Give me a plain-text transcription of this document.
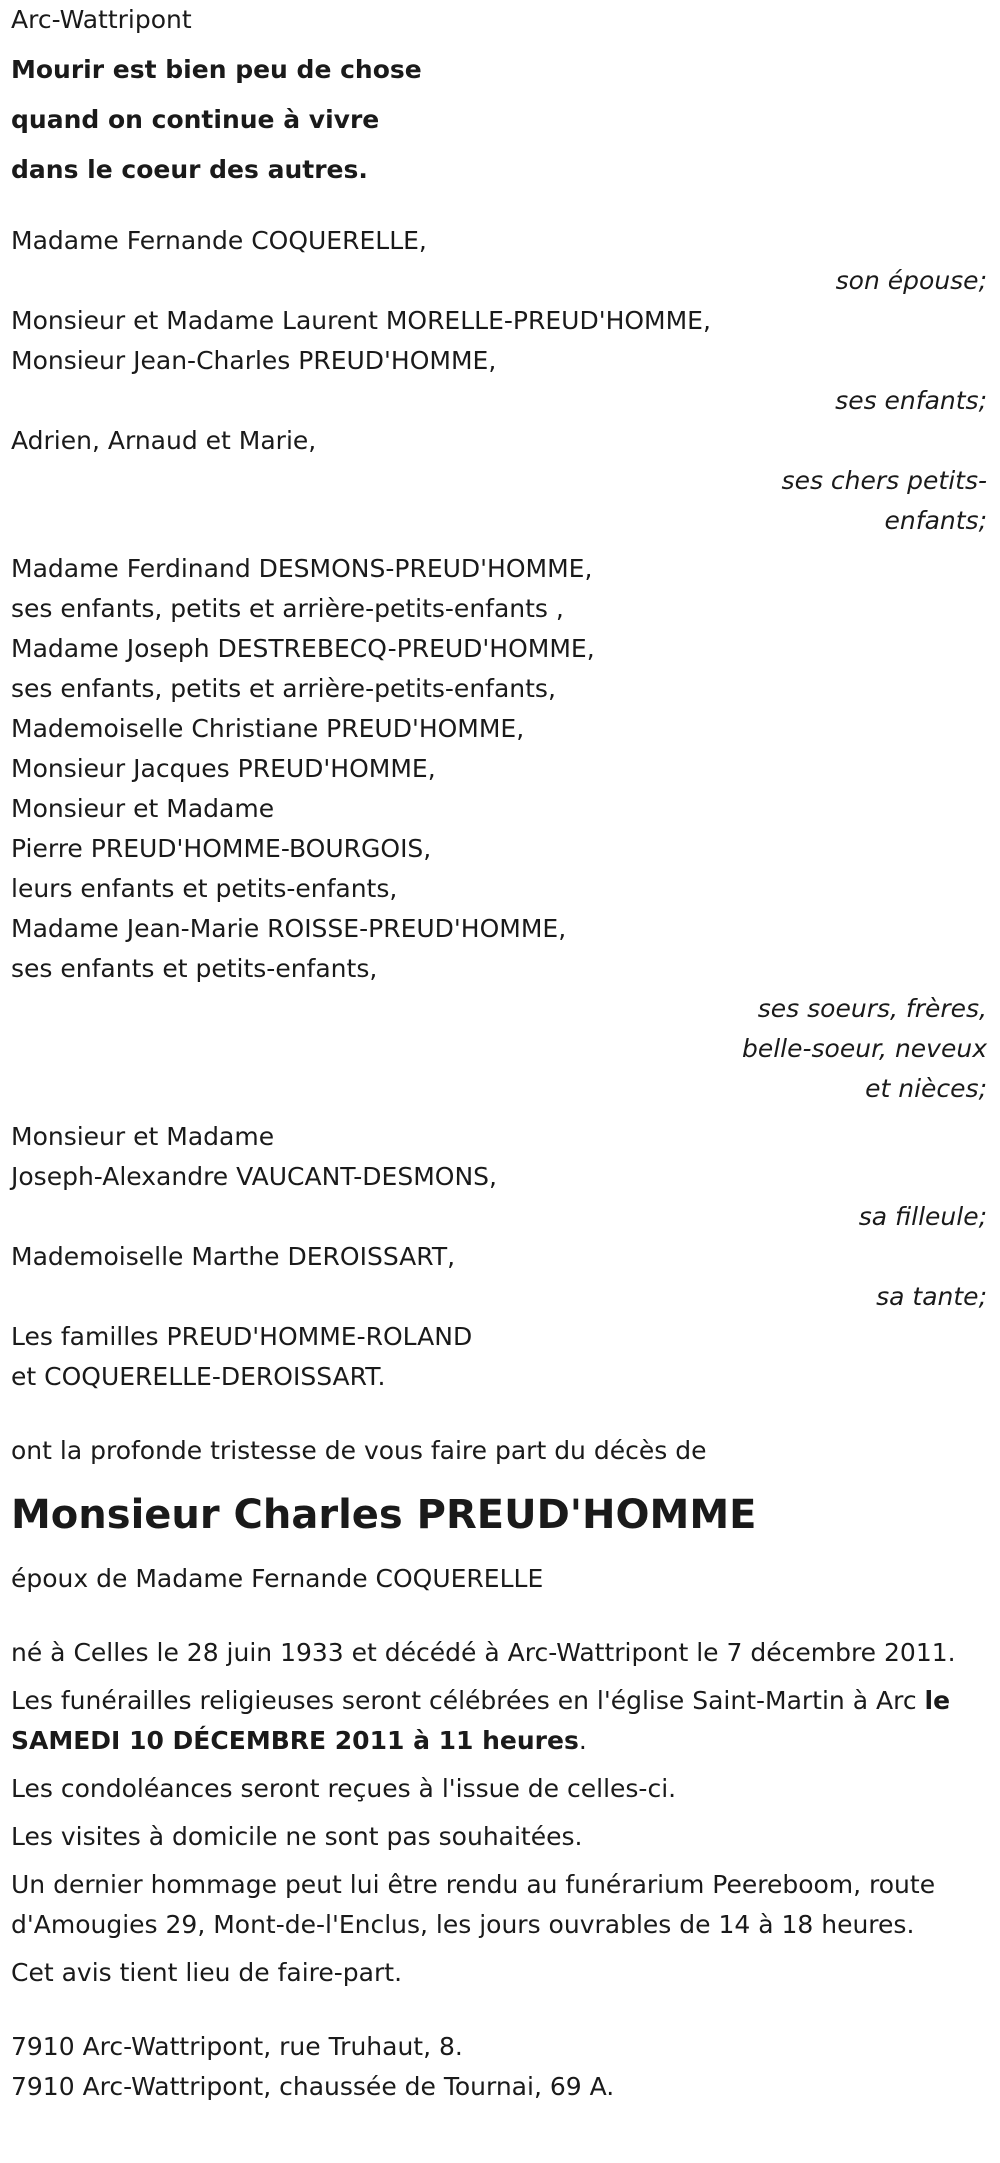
Arc-Wattripont
Mourir est bien peu de chose
quand on continue à vivre
dans le coeur des autres.
Madame Fernande COQUERELLE,
son épouse;
Monsieur et Madame Laurent MORELLE-PREUD'HOMME,
Monsieur Jean-Charles PREUD'HOMME,
ses enfants;
Adrien, Arnaud et Marie,
ses chers petits-
enfants;
Madame Ferdinand DESMONS-PREUD'HOMME,
ses enfants, petits et arrière-petits-enfants ,
Madame Joseph DESTREBECQ-PREUD'HOMME,
ses enfants, petits et arrière-petits-enfants,
Mademoiselle Christiane PREUD'HOMME,
Monsieur Jacques PREUD'HOMME,
Monsieur et Madame
Pierre PREUD'HOMME-BOURGOIS,
leurs enfants et petits-enfants,
Madame Jean-Marie ROISSE-PREUD'HOMME,
ses enfants et petits-enfants,
ses soeurs, frères,
belle-soeur, neveux
et nièces;
Monsieur et Madame
Joseph-Alexandre VAUCANT-DESMONS,
sa filleule;
Mademoiselle Marthe DEROISSART,
sa tante;
Les familles PREUD'HOMME-ROLAND
et COQUERELLE-DEROISSART.
ont la profonde tristesse de vous faire part du décès de
Monsieur Charles PREUD'HOMME
époux de Madame Fernande COQUERELLE
né à Celles le 28 juin 1933 et décédé à Arc-Wattripont le 7 décembre 2011.
Les funérailles religieuses seront célébrées en l'église Saint-Martin à Arc le SAMEDI 10 DÉCEMBRE 2011 à 11 heures.
Les condoléances seront reçues à l'issue de celles-ci.
Les visites à domicile ne sont pas souhaitées.
Un dernier hommage peut lui être rendu au funérarium Peereboom, route d'Amougies 29, Mont-de-l'Enclus, les jours ouvrables de 14 à 18 heures.
Cet avis tient lieu de faire-part.
7910 Arc-Wattripont, rue Truhaut, 8.
7910 Arc-Wattripont, chaussée de Tournai, 69 A.
